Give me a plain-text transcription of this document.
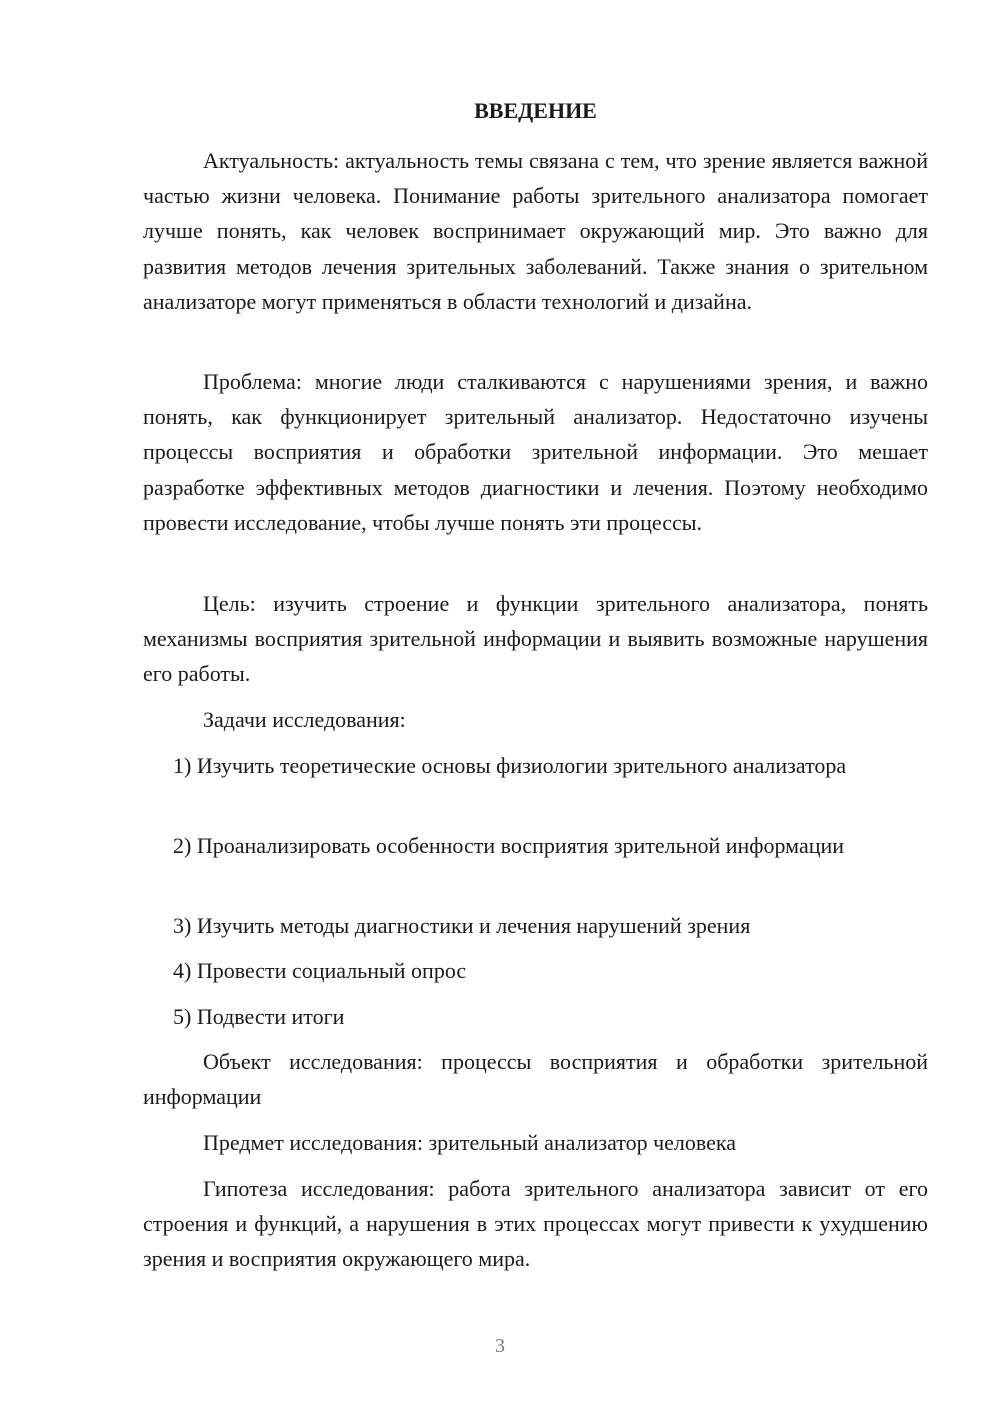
ВВЕДЕНИЕ

Актуальность: актуальность темы связана с тем, что зрение является важной частью жизни человека. Понимание работы зрительного анализатора помогает лучше понять, как человек воспринимает окружающий мир. Это важно для развития методов лечения зрительных заболеваний. Также знания о зрительном анализаторе могут применяться в области технологий и дизайна.

Проблема: многие люди сталкиваются с нарушениями зрения, и важно понять, как функционирует зрительный анализатор. Недостаточно изучены процессы восприятия и обработки зрительной информации. Это мешает разработке эффективных методов диагностики и лечения. Поэтому необходимо провести исследование, чтобы лучше понять эти процессы.

Цель: изучить строение и функции зрительного анализатора, понять механизмы восприятия зрительной информации и выявить возможные нарушения его работы.

Задачи исследования:

1) Изучить теоретические основы физиологии зрительного анализатора

2) Проанализировать особенности восприятия зрительной информации

3) Изучить методы диагностики и лечения нарушений зрения

4) Провести социальный опрос

5) Подвести итоги

Объект исследования: процессы восприятия и обработки зрительной информации

Предмет исследования: зрительный анализатор человека

Гипотеза исследования: работа зрительного анализатора зависит от его строения и функций, а нарушения в этих процессах могут привести к ухудшению зрения и восприятия окружающего мира.

3
